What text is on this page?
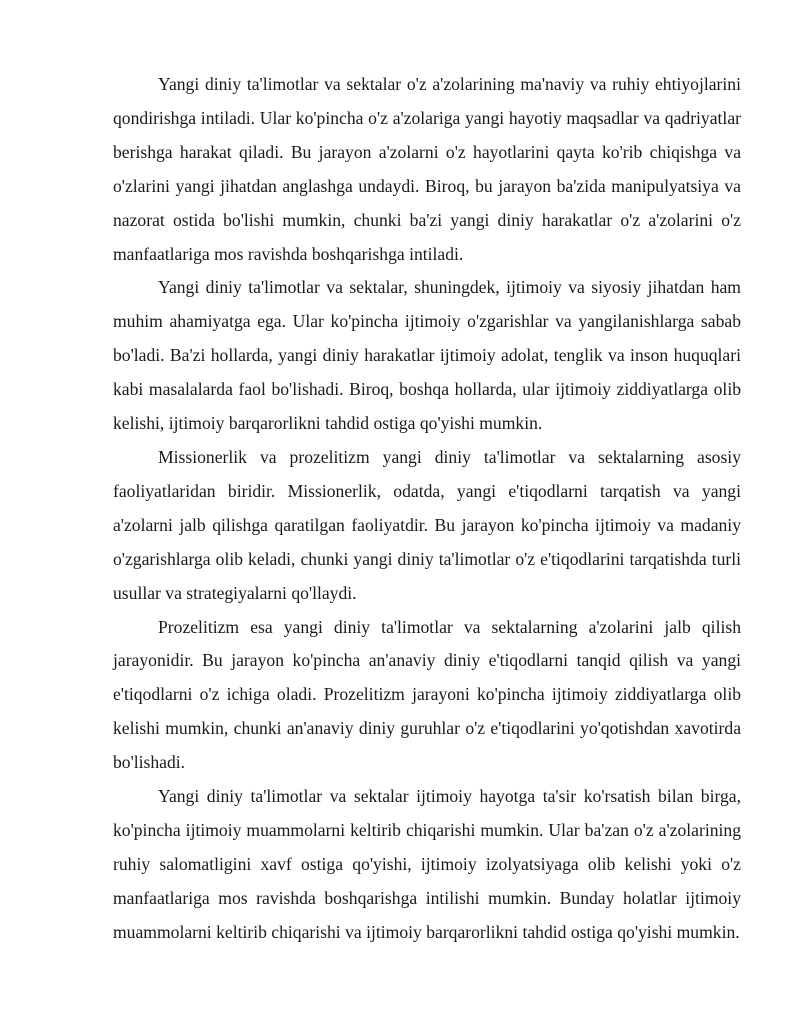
Yangi diniy ta'limotlar va sektalar o'z a'zolarining ma'naviy va ruhiy ehtiyojlarini qondirishga intiladi. Ular ko'pincha o'z a'zolariga yangi hayotiy maqsadlar va qadriyatlar berishga harakat qiladi. Bu jarayon a'zolarni o'z hayotlarini qayta ko'rib chiqishga va o'zlarini yangi jihatdan anglashga undaydi. Biroq, bu jarayon ba'zida manipulyatsiya va nazorat ostida bo'lishi mumkin, chunki ba'zi yangi diniy harakatlar o'z a'zolarini o'z manfaatlariga mos ravishda boshqarishga intiladi.

Yangi diniy ta'limotlar va sektalar, shuningdek, ijtimoiy va siyosiy jihatdan ham muhim ahamiyatga ega. Ular ko'pincha ijtimoiy o'zgarishlar va yangilanishlarga sabab bo'ladi. Ba'zi hollarda, yangi diniy harakatlar ijtimoiy adolat, tenglik va inson huquqlari kabi masalalarda faol bo'lishadi. Biroq, boshqa hollarda, ular ijtimoiy ziddiyatlarga olib kelishi, ijtimoiy barqarorlikni tahdid ostiga qo'yishi mumkin.

Missionerlik va prozelitizm yangi diniy ta'limotlar va sektalarning asosiy faoliyatlaridan biridir. Missionerlik, odatda, yangi e'tiqodlarni tarqatish va yangi a'zolarni jalb qilishga qaratilgan faoliyatdir. Bu jarayon ko'pincha ijtimoiy va madaniy o'zgarishlarga olib keladi, chunki yangi diniy ta'limotlar o'z e'tiqodlarini tarqatishda turli usullar va strategiyalarni qo'llaydi.

Prozelitizm esa yangi diniy ta'limotlar va sektalarning a'zolarini jalb qilish jarayonidir. Bu jarayon ko'pincha an'anaviy diniy e'tiqodlarni tanqid qilish va yangi e'tiqodlarni o'z ichiga oladi. Prozelitizm jarayoni ko'pincha ijtimoiy ziddiyatlarga olib kelishi mumkin, chunki an'anaviy diniy guruhlar o'z e'tiqodlarini yo'qotishdan xavotirda bo'lishadi.

Yangi diniy ta'limotlar va sektalar ijtimoiy hayotga ta'sir ko'rsatish bilan birga, ko'pincha ijtimoiy muammolarni keltirib chiqarishi mumkin. Ular ba'zan o'z a'zolarining ruhiy salomatligini xavf ostiga qo'yishi, ijtimoiy izolyatsiyaga olib kelishi yoki o'z manfaatlariga mos ravishda boshqarishga intilishi mumkin. Bunday holatlar ijtimoiy muammolarni keltirib chiqarishi va ijtimoiy barqarorlikni tahdid ostiga qo'yishi mumkin.
